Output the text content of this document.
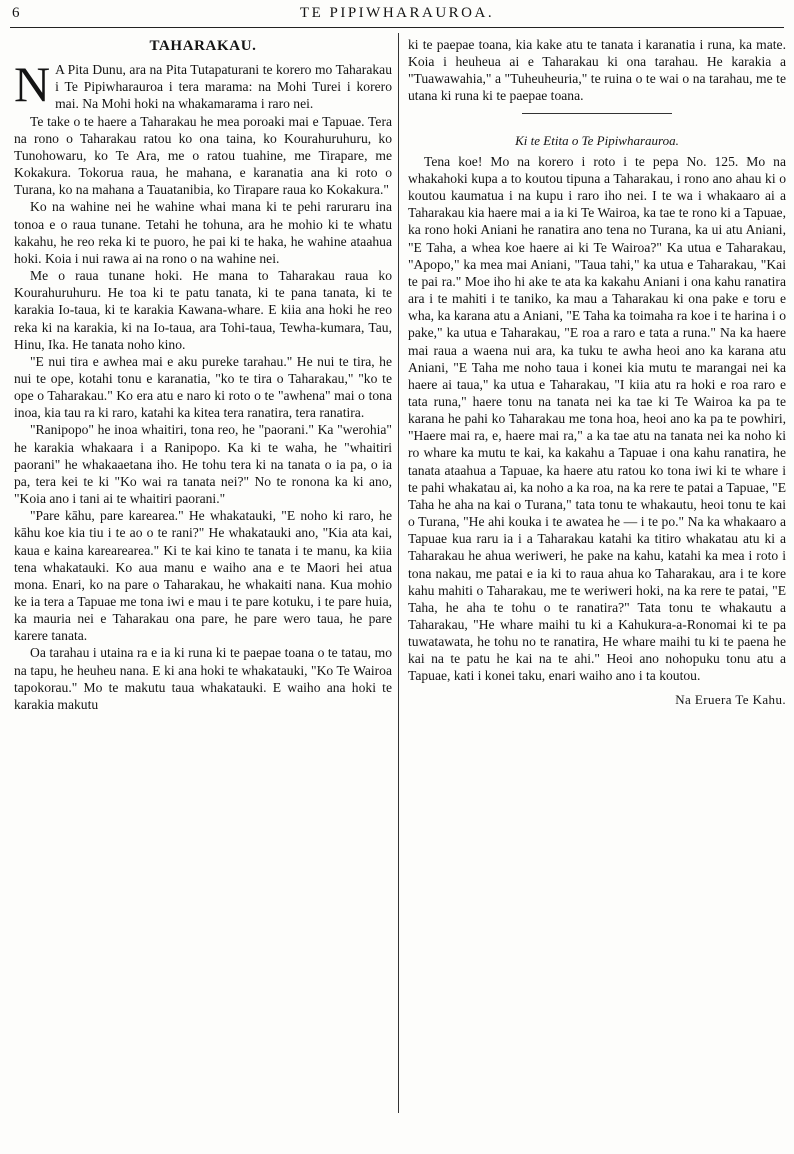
6	TE PIPIWHARAUROA.
TAHARAKAU.

N A Pita Dunu, ara na Pita Tutapaturani te korero mo Taharakau i Te Pipiwharauroa i tera marama: na Mohi Turei i korero mai. Na Mohi hoki na whakamarama i raro nei.

Te take o te haere a Taharakau he mea poroaki mai e Tapuae. Tera na rono o Taharakau ratou ko ona taina, ko Kourahuruhuru, ko Tunohowaru, ko Te Ara, me o ratou tuahine, me Tirapare, me Kokakura. Tokorua raua, he mahana, e karanatia ana ki roto o Turana, ko na mahana a Tauatanibia, ko Tirapare raua ko Kokakura."

Ko na wahine nei he wahine whai mana ki te pehi raruraru ina tonoa e o raua tunane. Tetahi he tohuna, ara he mohio ki te whatu kakahu, he reo reka ki te puoro, he pai ki te haka, he wahine ataahua hoki. Koia i nui rawa ai na rono o na wahine nei.

Me o raua tunane hoki. He mana to Taharakau raua ko Kourahuruhuru. He toa ki te patu tanata, ki te pana tanata, ki te karakia Io-taua, ki te karakia Kawana-whare. E kiia ana hoki he reo reka ki na karakia, ki na Io-taua, ara Tohi-taua, Tewha-kumara, Tau, Hinu, Ika. He tanata noho kino.

"E nui tira e awhea mai e aku pureke tarahau." He nui te tira, he nui te ope, kotahi tonu e karanatia, "ko te tira o Taharakau," "ko te ope o Taharakau." Ko era atu e naro ki roto o te "awhena" mai o tona inoa, kia tau ra ki raro, katahi ka kitea tera ranatira, tera ranatira.

"Ranipopo" he inoa whaitiri, tona reo, he "paorani." Ka "werohia" he karakia whakaara i a Ranipopo. Ka ki te waha, he "whaitiri paorani" he whakaaetana iho. He tohu tera ki na tanata o ia pa, o ia pa, tera kei te ki "Ko wai ra tanata nei?" No te ronona ka ki ano, "Koia ano i tani ai te whaitiri paorani."

"Pare kāhu, pare karearea." He whakatauki, "E noho ki raro, he kāhu koe kia tiu i te ao o te rani?" He whakatauki ano, "Kia ata kai, kaua e kaina karearearea." Ki te kai kino te tanata i te manu, ka kiia tena whakatauki. Ko aua manu e waiho ana e te Maori hei atua mona. Enari, ko na pare o Taharakau, he whakaiti nana. Kua mohio ke ia tera a Tapuae me tona iwi e mau i te pare kotuku, i te pare huia, ka mauria nei e Taharakau ona pare, he pare wero taua, he pare karere tanata.

Oa tarahau i utaina ra e ia ki runa ki te paepae toana o te tatau, mo na tapu, he heuheu nana. E ki ana hoki te whakatauki, "Ko Te Wairoa tapokorau." Mo te makutu taua whakatauki. E waiho ana hoki te karakia makutu

ki te paepae toana, kia kake atu te tanata i karanatia i runa, ka mate. Koia i heuheua ai e Taharakau ki ona tarahau. He karakia a "Tuawawahia," a "Tuheuheuria," te ruina o te wai o na tarahau, me te utana ki runa ki te paepae toana.

Ki te Etita o Te Pipiwharauroa.

Tena koe! Mo na korero i roto i te pepa No. 125. Mo na whakahoki kupa a to koutou tipuna a Taharakau, i rono ano ahau ki o koutou kaumatua i na kupu i raro iho nei. I te wa i whakaaro ai a Taharakau kia haere mai a ia ki Te Wairoa, ka tae te rono ki a Tapuae, ka rono hoki Aniani he ranatira ano tena no Turana, ka ui atu Aniani, "E Taha, a whea koe haere ai ki Te Wairoa?" Ka utua e Taharakau, "Apopo," ka mea mai Aniani, "Taua tahi," ka utua e Taharakau, "Kai te pai ra." Moe iho hi ake te ata ka kakahu Aniani i ona kahu ranatira ara i te mahiti i te taniko, ka mau a Taharakau ki ona pake e toru e wha, ka karana atu a Aniani, "E Taha ka toimaha ra koe i te harina i o pake," ka utua e Taharakau, "E roa a raro e tata a runa." Na ka haere mai raua a waena nui ara, ka tuku te awha heoi ano ka karana atu Aniani, "E Taha me noho taua i konei kia mutu te marangai nei ka haere ai taua," ka utua e Taharakau, "I kiia atu ra hoki e roa raro e tata runa," haere tonu na tanata nei ka tae ki Te Wairoa ka pa te karana he pahi ko Taharakau me tona hoa, heoi ano ka pa te powhiri, "Haere mai ra, e, haere mai ra," a ka tae atu na tanata nei ka noho ki ro whare ka mutu te kai, ka kakahu a Tapuae i ona kahu ranatira, he tanata ataahua a Tapuae, ka haere atu ratou ko tona iwi ki te whare i te pahi whakatau ai, ka noho a ka roa, na ka rere te patai a Tapuae, "E Taha he aha na kai o Turana," tata tonu te whakautu, heoi tonu te kai o Turana, "He ahi kouka i te awatea he — i te po." Na ka whakaaro a Tapuae kua raru ia i a Taharakau katahi ka titiro whakatau atu ki a Taharakau he ahua weriweri, he pake na kahu, katahi ka mea i roto i tona nakau, me patai e ia ki to raua ahua ko Taharakau, ara i te kore kahu mahiti o Taharakau, me te weriweri hoki, na ka rere te patai, "E Taha, he aha te tohu o te ranatira?" Tata tonu te whakautu a Taharakau, "He whare maihi tu ki a Kahukura-a-Ronomai ki te pa tuwatawata, he tohu no te ranatira, He whare maihi tu ki te paena he kai na te patu he kai na te ahi." Heoi ano nohopuku tonu atu a Tapuae, kati i konei taku, enari waiho ano i ta koutou.

Na Eruera Te Kahu.
